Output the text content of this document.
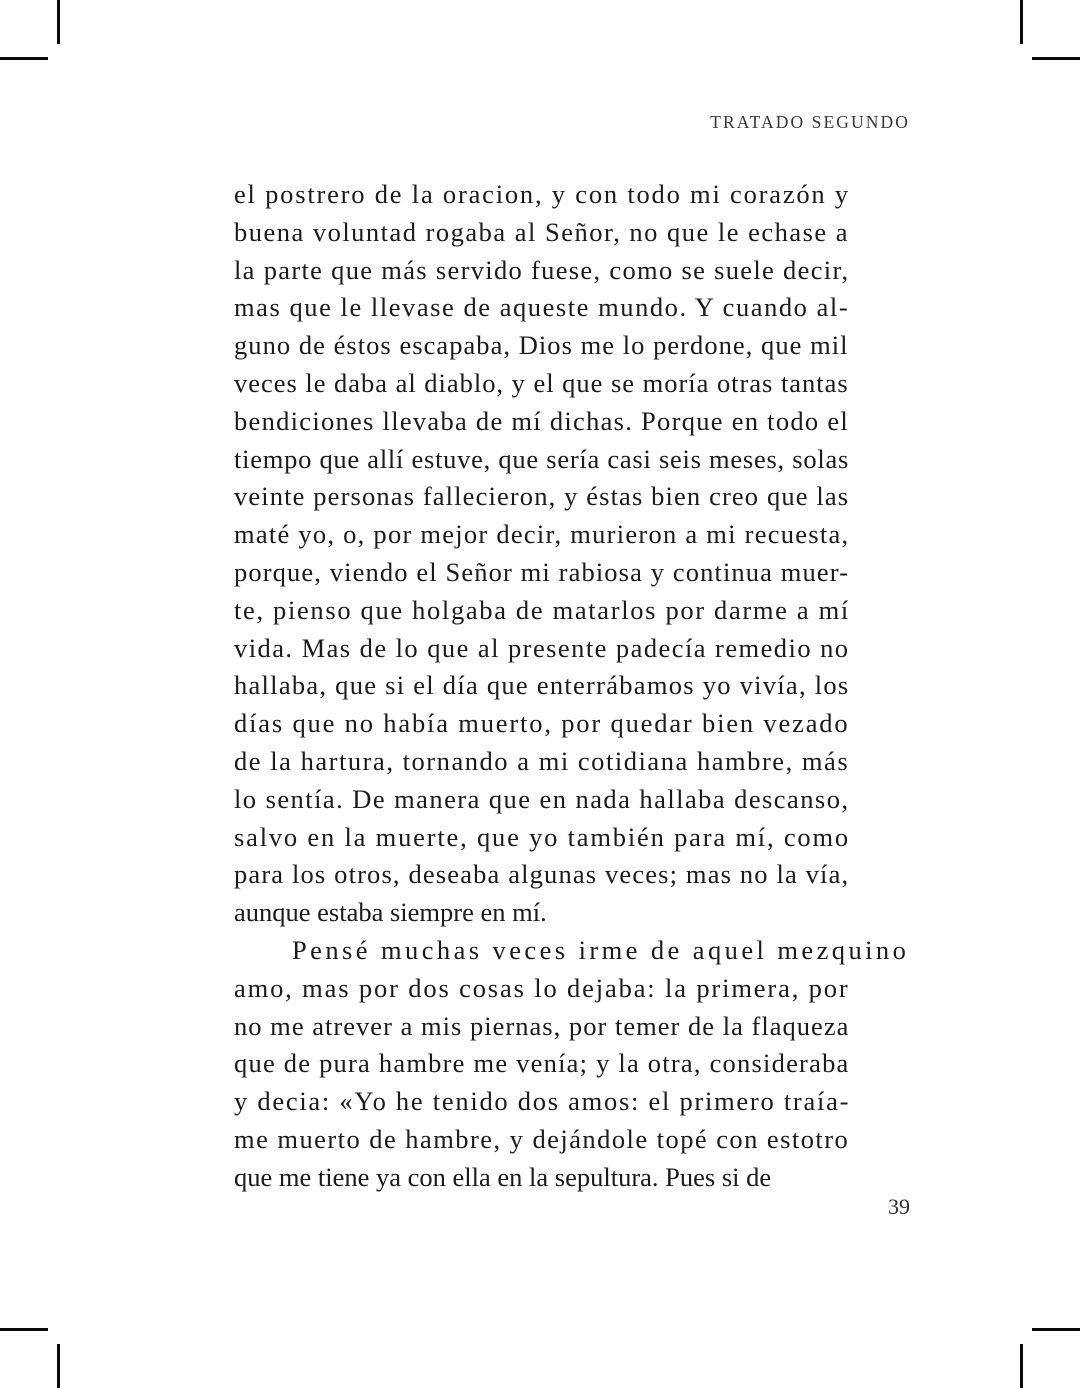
TRATADO SEGUNDO

el postrero de la oracion, y con todo mi corazón y
buena voluntad rogaba al Señor, no que le echase a
la parte que más servido fuese, como se suele decir,
mas que le llevase de aqueste mundo. Y cuando al-
guno de éstos escapaba, Dios me lo perdone, que mil
veces le daba al diablo, y el que se moría otras tantas
bendiciones llevaba de mí dichas. Porque en todo el
tiempo que allí estuve, que sería casi seis meses, solas
veinte personas fallecieron, y éstas bien creo que las
maté yo, o, por mejor decir, murieron a mi recuesta,
porque, viendo el Señor mi rabiosa y continua muer-
te, pienso que holgaba de matarlos por darme a mí
vida. Mas de lo que al presente padecía remedio no
hallaba, que si el día que enterrábamos yo vivía, los
días que no había muerto, por quedar bien vezado
de la hartura, tornando a mi cotidiana hambre, más
lo sentía. De manera que en nada hallaba descanso,
salvo en la muerte, que yo también para mí, como
para los otros, deseaba algunas veces; mas no la vía,
aunque estaba siempre en mí.

Pensé muchas veces irme de aquel mezquino
amo, mas por dos cosas lo dejaba: la primera, por
no me atrever a mis piernas, por temer de la flaqueza
que de pura hambre me venía; y la otra, consideraba
y decia: «Yo he tenido dos amos: el primero traía-
me muerto de hambre, y dejándole topé con estotro
que me tiene ya con ella en la sepultura. Pues si de

39
